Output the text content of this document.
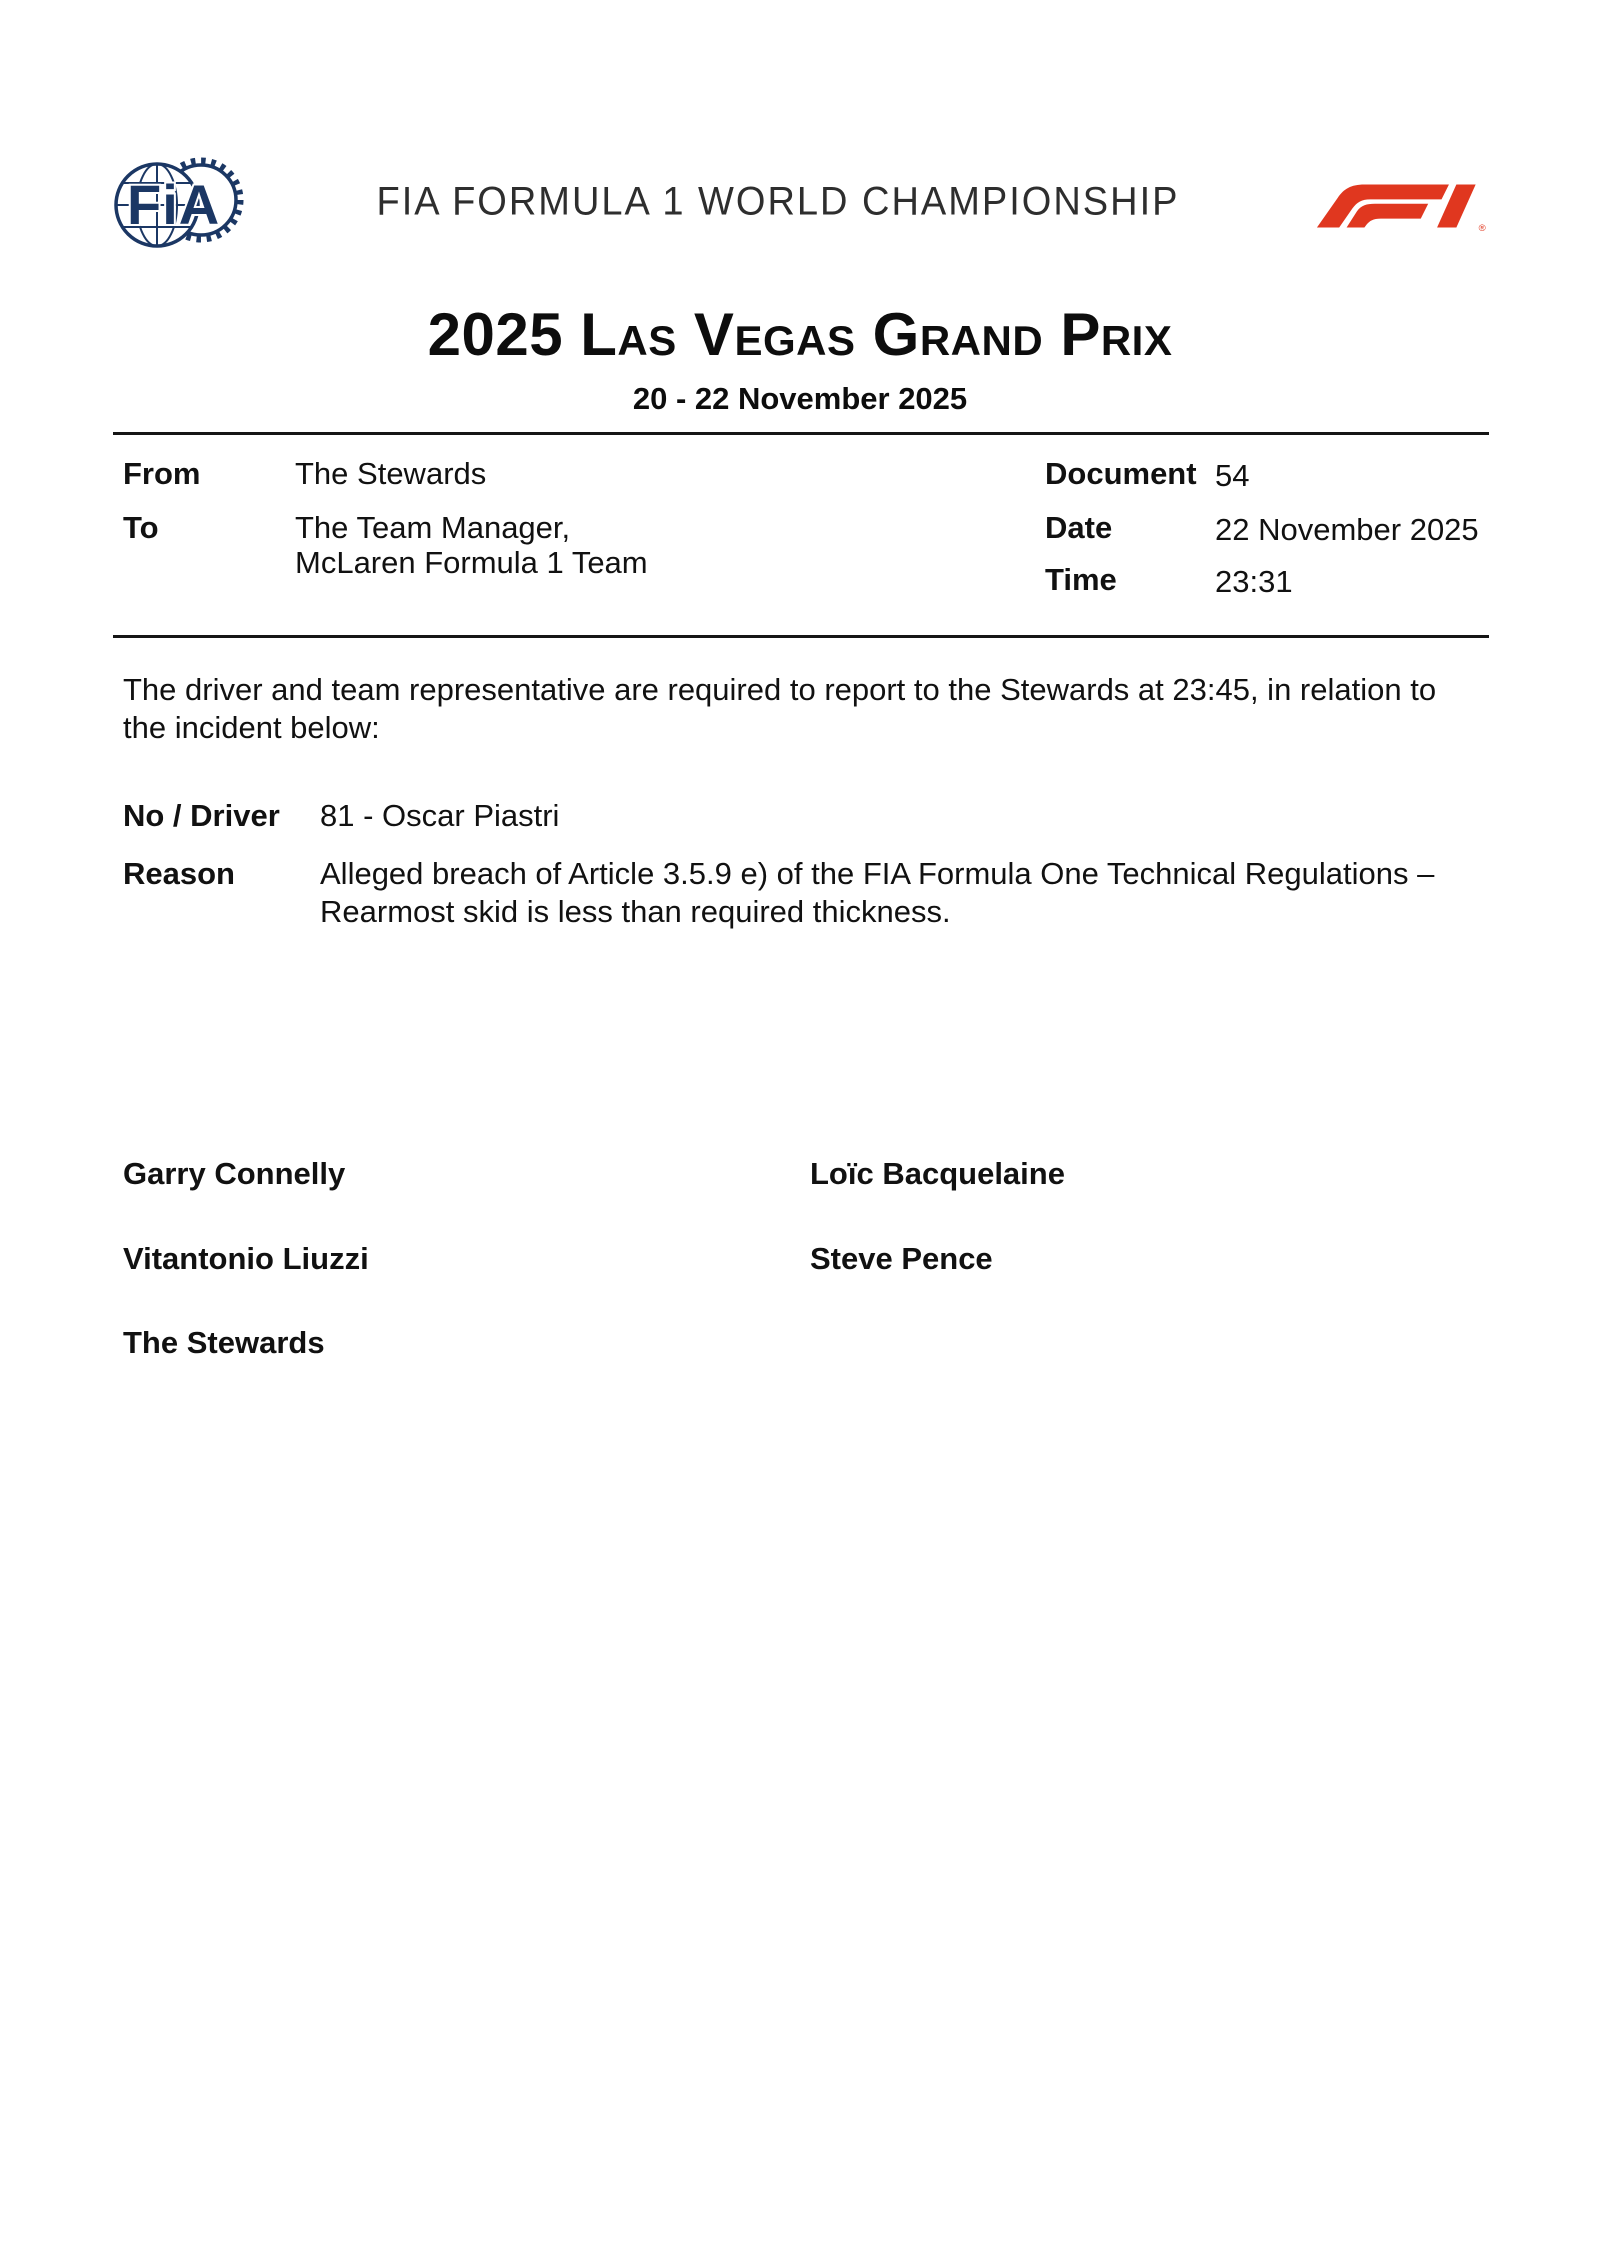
FiA	FIA FORMULA 1 WORLD CHAMPIONSHIP
®
2025 Las Vegas Grand Prix
20 - 22 November 2025
From	The Stewards
To	The Team Manager,
McLaren Formula 1 Team
Document 54
Date	22 November 2025
Time	23:31
The driver and team representative are required to report to the Stewards at 23:45, in relation to the incident below:
No / Driver 81 - Oscar Piastri
Reason	Alleged breach of Article 3.5.9 e) of the FIA Formula One Technical Regulations – Rearmost skid is less than required thickness.
Garry Connelly	Loïc Bacquelaine
Vitantonio Liuzzi	Steve Pence
The Stewards
